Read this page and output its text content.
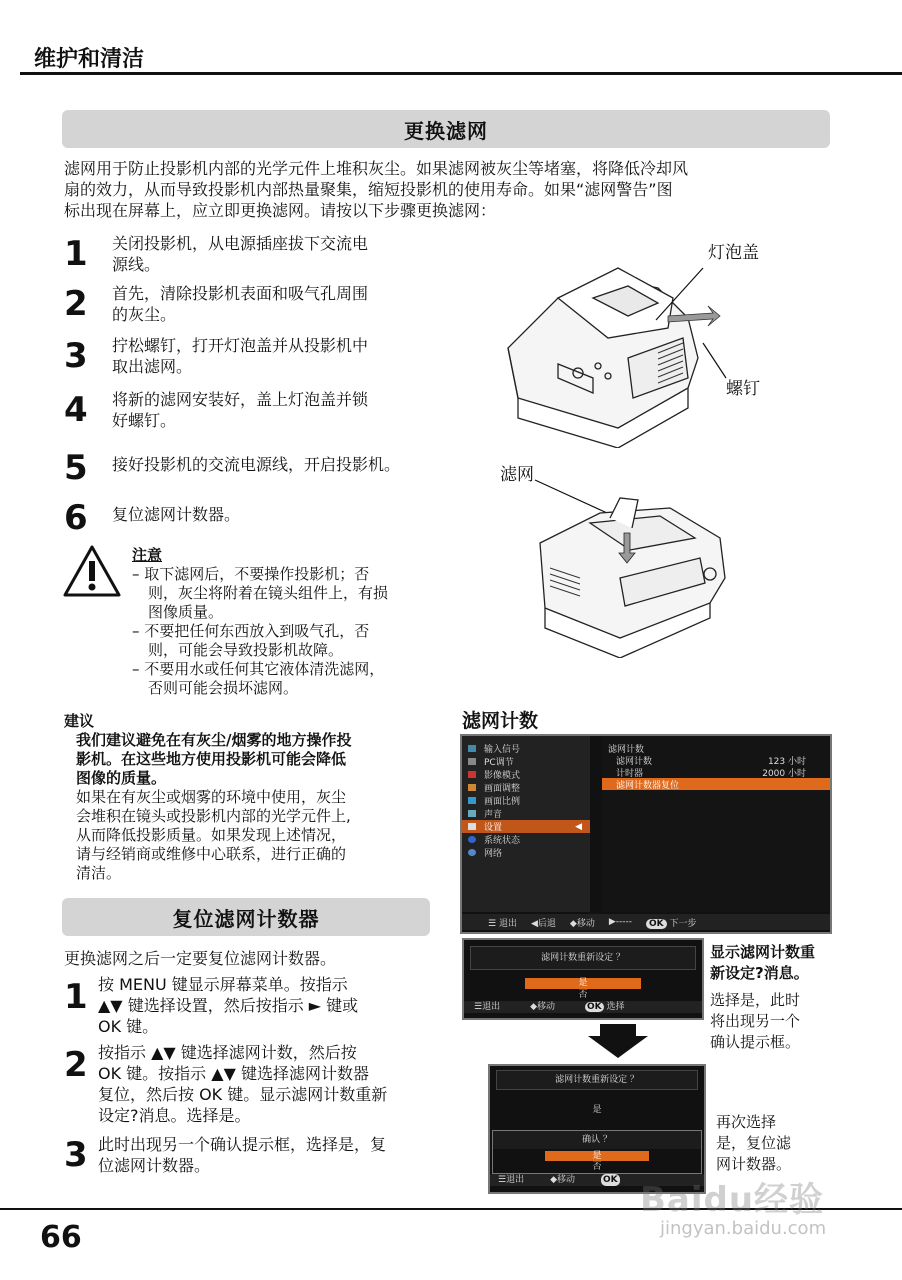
维护和清洁
更换滤网
滤网用于防止投影机内部的光学元件上堆积灰尘。如果滤网被灰尘等堵塞，将降低冷却风
扇的效力，从而导致投影机内部热量聚集，缩短投影机的使用寿命。如果“滤网警告”图
标出现在屏幕上，应立即更换滤网。请按以下步骤更换滤网：
1 关闭投影机，从电源插座拔下交流电
源线。
2 首先，清除投影机表面和吸气孔周围
的灰尘。
3 拧松螺钉，打开灯泡盖并从投影机中
取出滤网。
4 将新的滤网安装好，盖上灯泡盖并锁
好螺钉。
5 接好投影机的交流电源线，开启投影机。
6 复位滤网计数器。
灯泡盖
螺钉
滤网
注意
– 取下滤网后，不要操作投影机；否
则，灰尘将附着在镜头组件上，有损
图像质量。
– 不要把任何东西放入到吸气孔，否
则，可能会导致投影机故障。
– 不要用水或任何其它液体清洗滤网，
否则可能会损坏滤网。
建议
我们建议避免在有灰尘/烟雾的地方操作投
影机。在这些地方使用投影机可能会降低
图像的质量。
如果在有灰尘或烟雾的环境中使用，灰尘
会堆积在镜头或投影机内部的光学元件上,
从而降低投影质量。如果发现上述情况，
请与经销商或维修中心联系，进行正确的
清洁。
滤网计数
输入信号
PC调节
影像模式
画面调整
画面比例
声音
设置	◀
系统状态
网络
滤网计数
滤网计数	123 小时
计时器	2000 小时
滤网计数器复位
☰ 退出 ◀后退 ◆移动 ▶-----	OK 下一步
复位滤网计数器
更换滤网之后一定要复位滤网计数器。
1 按 MENU 键显示屏幕菜单。按指示
▲▼ 键选择设置，然后按指示 ► 键或
OK 键。
2 按指示 ▲▼ 键选择滤网计数，然后按
OK 键。按指示 ▲▼ 键选择滤网计数器
复位，然后按 OK 键。显示滤网计数重新
设定?消息。选择是。
3 此时出现另一个确认提示框，选择是，复
位滤网计数器。
滤网计数重新设定 ？
是
否
☰退出	◆移动	OK 选择
显示滤网计数重
新设定?消息。
选择是，此时
将出现另一个
确认提示框。
滤网计数重新设定 ？
是
确认 ？
是
否
☰退出	◆移动	OK
再次选择
是，复位滤
网计数器。
66
Baidu经验
jingyan.baidu.com
